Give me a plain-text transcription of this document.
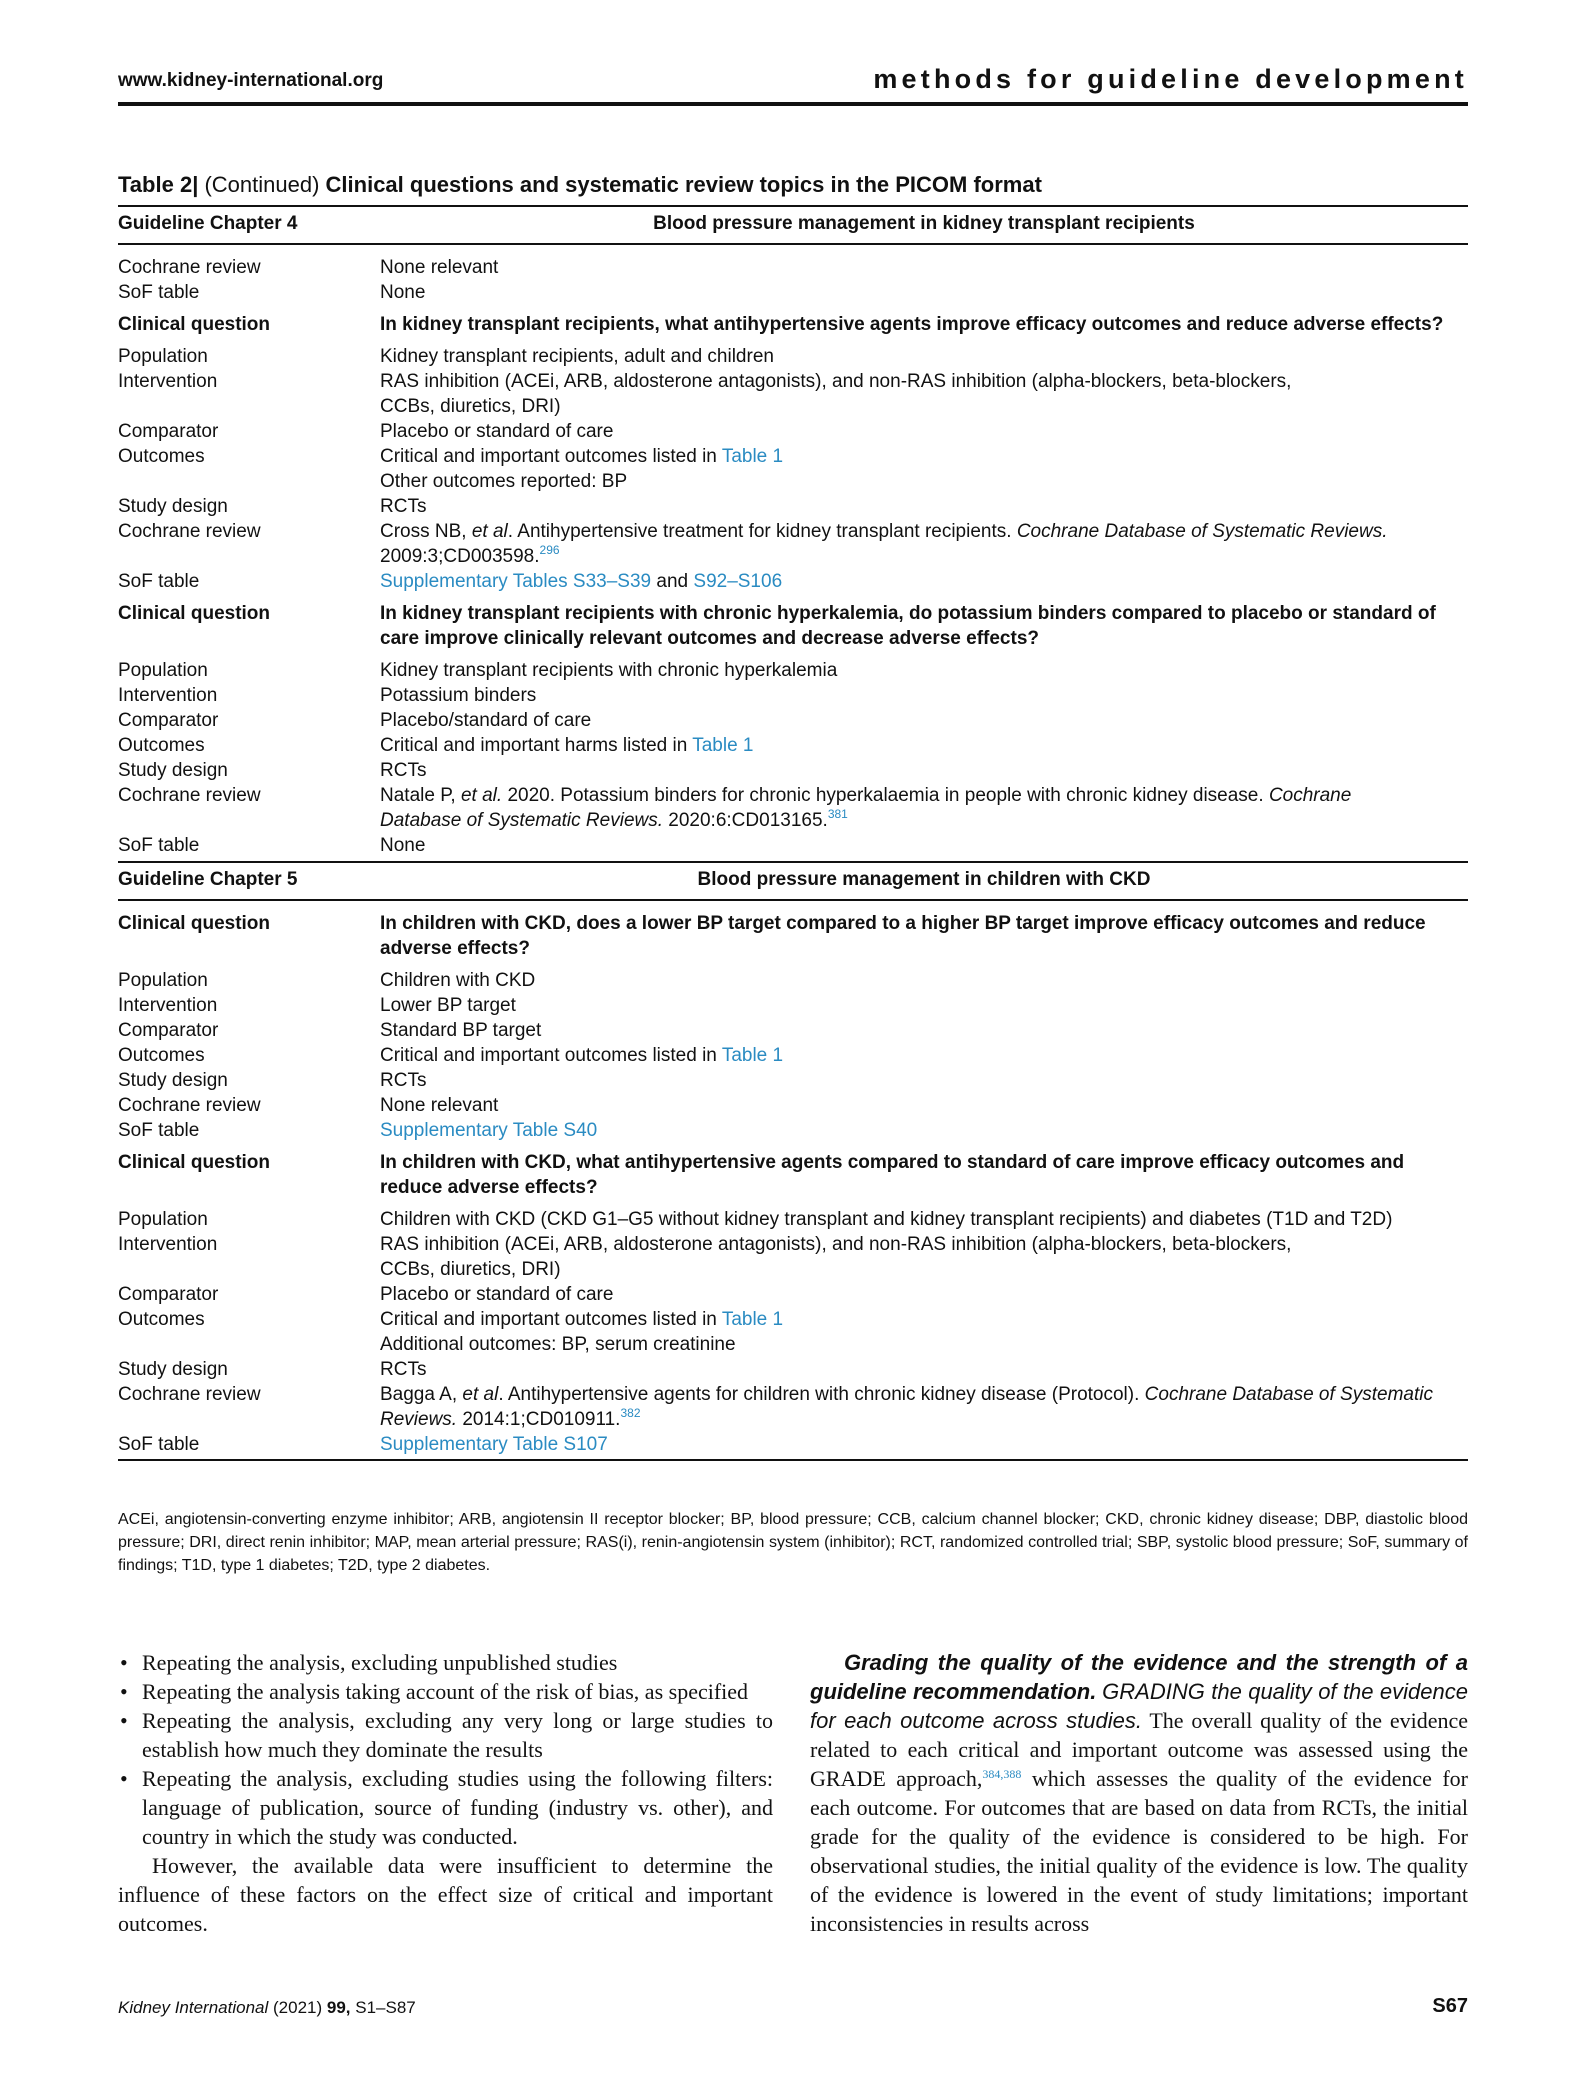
www.kidney-international.org	methods for guideline development
Table 2| (Continued) Clinical questions and systematic review topics in the PICOM format
Guideline Chapter 4	Blood pressure management in kidney transplant recipients
Cochrane review	None relevant
SoF table	None
Clinical question	In kidney transplant recipients, what antihypertensive agents improve efficacy outcomes and reduce adverse effects?
Population	Kidney transplant recipients, adult and children
Intervention	RAS inhibition (ACEi, ARB, aldosterone antagonists), and non-RAS inhibition (alpha-blockers, beta-blockers,
CCBs, diuretics, DRI)
Comparator	Placebo or standard of care
Outcomes	Critical and important outcomes listed in Table 1
Other outcomes reported: BP
Study design	RCTs
Cochrane review	Cross NB, et al. Antihypertensive treatment for kidney transplant recipients. Cochrane Database of Systematic Reviews.
2009:3;CD003598.$^{296}$
SoF table	Supplementary Tables S33–S39 and S92–S106
Clinical question	In kidney transplant recipients with chronic hyperkalemia, do potassium binders compared to placebo or standard of care improve clinically relevant outcomes and decrease adverse effects?
Population	Kidney transplant recipients with chronic hyperkalemia
Intervention	Potassium binders
Comparator	Placebo/standard of care
Outcomes	Critical and important harms listed in Table 1
Study design	RCTs
Cochrane review	Natale P, et al. 2020. Potassium binders for chronic hyperkalaemia in people with chronic kidney disease. Cochrane
Database of Systematic Reviews. 2020:6:CD013165.$^{381}$
SoF table	None
Guideline Chapter 5	Blood pressure management in children with CKD
Clinical question	In children with CKD, does a lower BP target compared to a higher BP target improve efficacy outcomes and reduce adverse effects?
Population	Children with CKD
Intervention	Lower BP target
Comparator	Standard BP target
Outcomes	Critical and important outcomes listed in Table 1
Study design	RCTs
Cochrane review	None relevant
SoF table	Supplementary Table S40
Clinical question	In children with CKD, what antihypertensive agents compared to standard of care improve efficacy outcomes and reduce adverse effects?
Population	Children with CKD (CKD G1–G5 without kidney transplant and kidney transplant recipients) and diabetes (T1D and T2D)
Intervention	RAS inhibition (ACEi, ARB, aldosterone antagonists), and non-RAS inhibition (alpha-blockers, beta-blockers,
CCBs, diuretics, DRI)
Comparator	Placebo or standard of care
Outcomes	Critical and important outcomes listed in Table 1
Additional outcomes: BP, serum creatinine
Study design	RCTs
Cochrane review	Bagga A, et al. Antihypertensive agents for children with chronic kidney disease (Protocol). Cochrane Database of Systematic
Reviews. 2014:1;CD010911.$^{382}$
SoF table	Supplementary Table S107
ACEi, angiotensin-converting enzyme inhibitor; ARB, angiotensin II receptor blocker; BP, blood pressure; CCB, calcium channel blocker; CKD, chronic kidney disease; DBP, diastolic blood pressure; DRI, direct renin inhibitor; MAP, mean arterial pressure; RAS(i), renin-angiotensin system (inhibitor); RCT, randomized controlled trial; SBP, systolic blood pressure; SoF, summary of findings; T1D, type 1 diabetes; T2D, type 2 diabetes.
• Repeating the analysis, excluding unpublished studies
• Repeating the analysis taking account of the risk of bias, as specified
• Repeating the analysis, excluding any very long or large studies to establish how much they dominate the results
• Repeating the analysis, excluding studies using the following filters: language of publication, source of funding (industry vs. other), and country in which the study was conducted.
However, the available data were insufficient to determine the influence of these factors on the effect size of critical and important outcomes.
Grading the quality of the evidence and the strength of a guideline recommendation. GRADING the quality of the evidence for each outcome across studies. The overall quality of the evidence related to each critical and important outcome was assessed using the GRADE approach,$^{384,388}$ which assesses the quality of the evidence for each outcome. For outcomes that are based on data from RCTs, the initial grade for the quality of the evidence is considered to be high. For observational studies, the initial quality of the evidence is low. The quality of the evidence is lowered in the event of study limitations; important inconsistencies in results across
Kidney International (2021) 99, S1–S87	S67
